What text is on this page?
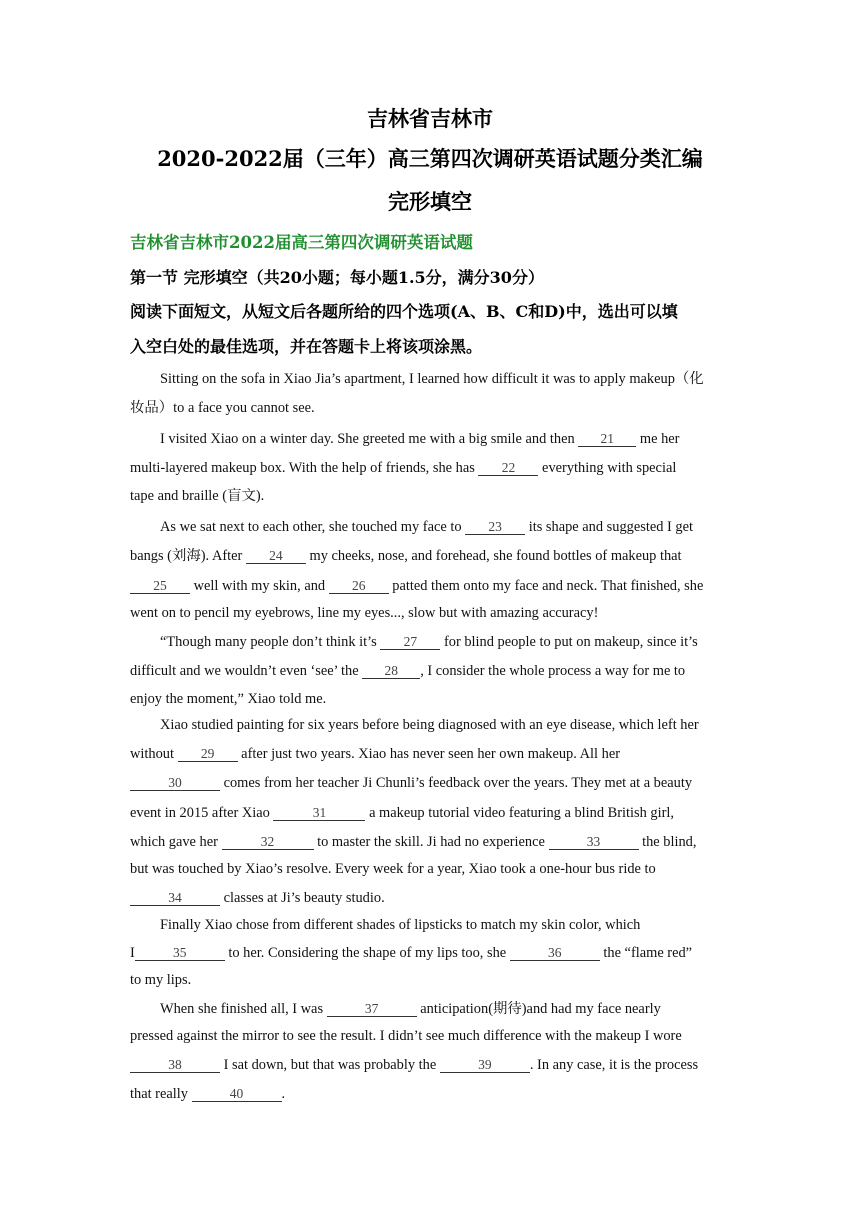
吉林省吉林市
2020-2022届（三年）高三第四次调研英语试题分类汇编
完形填空
吉林省吉林市2022届高三第四次调研英语试题
第一节 完形填空（共20小题；每小题1.5分，满分30分）
阅读下面短文，从短文后各题所给的四个选项(A、B、C和D)中，选出可以填
入空白处的最佳选项，并在答题卡上将该项涂黑。
Sitting on the sofa in Xiao Jia’s apartment, I learned how difficult it was to apply makeup（化
妆品）to a face you cannot see.
I visited Xiao on a winter day. She greeted me with a big smile and then 21 me her
multi-layered makeup box. With the help of friends, she has 22 everything with special
tape and braille (盲文).
As we sat next to each other, she touched my face to 23 its shape and suggested I get
bangs (刘海). After 24 my cheeks, nose, and forehead, she found bottles of makeup that
25 well with my skin, and 26 patted them onto my face and neck. That finished, she
went on to pencil my eyebrows, line my eyes..., slow but with amazing accuracy!
“Though many people don’t think it’s 27 for blind people to put on makeup, since it’s
difficult and we wouldn’t even ‘see’ the 28 , I consider the whole process a way for me to
enjoy the moment,” Xiao told me.
Xiao studied painting for six years before being diagnosed with an eye disease, which left her
without 29 after just two years. Xiao has never seen her own makeup. All her
30	comes from her teacher Ji Chunli’s feedback over the years. They met at a beauty
event in 2015 after Xiao	31	a makeup tutorial video featuring a blind British girl,
which gave her	32	to master the skill. Ji had no experience	33	the blind,
but was touched by Xiao’s resolve. Every week for a year, Xiao took a one-hour bus ride to
34	classes at Ji’s beauty studio.
Finally Xiao chose from different shades of lipsticks to match my skin color, which
I	35	to her. Considering the shape of my lips too, she	36	the “flame red”
to my lips.
When she finished all, I was	37	anticipation(期待)and had my face nearly
pressed against the mirror to see the result. I didn’t see much difference with the makeup I wore
38	I sat down, but that was probably the	39	. In any case, it is the process
that really	40	.
